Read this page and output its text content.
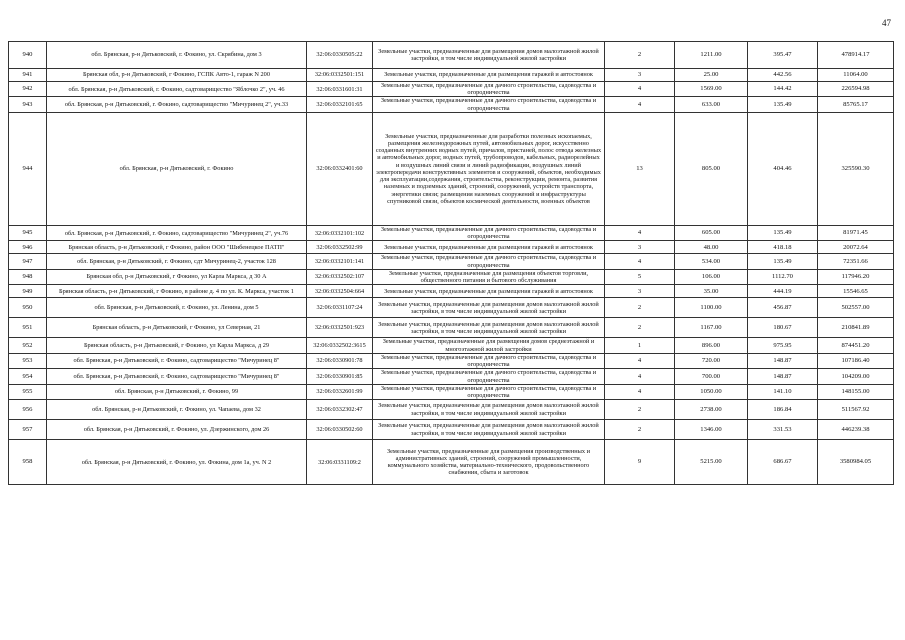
47
940	обл. Брянская, р-н Дятьковский, г. Фокино, ул. Скрябина, дом 3	32:06:0330505:22	Земельные участки, предназначенные для размещения домов малоэтажной жилой застройки, в том числе индивидуальной жилой застройки	2	1211.00	395.47	478914.17
941	Брянская обл, р-н Дятьковский, г Фокино, ГСПК Авто-1, гараж N 200	32:06:0332501:151	Земельные участки, предназначенные для размещения гаражей и автостоянок	3	25.00	442.56	11064.00
942	обл. Брянская, р-н Дятьковский, г. Фокино, садтоварищество "Яблочко 2", уч. 46	32:06:0331601:31	Земельные участки, предназначенные для дачного строительства, садоводства и огородничества	4	1569.00	144.42	226594.98
943	обл. Брянская, р-н Дятьковский, г. Фокино, садтоварищество "Мичуринец 2", уч.33	32:06:0332101:65	Земельные участки, предназначенные для дачного строительства, садоводства и огородничества	4	633.00	135.49	85765.17
944	обл. Брянская, р-н Дятьковский, г. Фокино	32:06:0332401:60	Земельные участки, предназначенные для разработки полезных ископаемых, размещения железнодорожных путей, автомобильных дорог, искусственно созданных внутренних водных путей, причалов, пристаней, полос отвода железных и автомобильных дорог, водных путей, трубопроводов, кабельных, радиорелейных и воздушных линий связи и линий радиофикации, воздушных линий электропередачи конструктивных элементов и сооружений, объектов, необходимых для эксплуатации,содержания, строительства, реконструкции, ремонта, развития наземных и подземных зданий, строений, сооружений, устройств транспорта, энергетики связи; размещения наземных сооружений и инфраструктуры спутниковой связи, объектов космической деятельности, военных объектов	13	805.00	404.46	325590.30
945	обл. Брянская, р-н Дятьковский, г. Фокино, садтоварищество "Мичуринец 2", уч.76	32:06:0332101:102	Земельные участки, предназначенные для дачного строительства, садоводства и огородничества	4	605.00	135.49	81971.45
946	Брянская область, р-н Дятьковский, г Фокино, район ООО "Шибенецкое ПАТП"	32:06:0332502:99	Земельные участки, предназначенные для размещения гаражей и автостоянок	3	48.00	418.18	20072.64
947	обл. Брянская, р-н Дятьковский, г. Фокино, сдт Мичуринец-2, участок 128	32:06:0332101:141	Земельные участки, предназначенные для дачного строительства, садоводства и огородничества	4	534.00	135.49	72351.66
948	Брянская обл, р-н Дятьковский, г Фокино, ул Карла Маркса, д 30 А	32:06:0332502:107	Земельные участки, предназначенные для размещения объектов торговли, общественного питания и бытового обслуживания	5	106.00	1112.70	117946.20
949	Брянская область, р-н Дятьковский, г Фокино, в районе д. 4 по ул. К. Маркса, участок 1	32:06:0332504:664	Земельные участки, предназначенные для размещения гаражей и автостоянок	3	35.00	444.19	15546.65
950	обл. Брянская, р-н Дятьковский, г. Фокино, ул. Ленина, дом 5	32:06:0331107:24	Земельные участки, предназначенные для размещения домов малоэтажной жилой застройки, в том числе индивидуальной жилой застройки	2	1100.00	456.87	502557.00
951	Брянская область, р-н Дятьковский, г Фокино, ул Северная, 21	32:06:0332501:923	Земельные участки, предназначенные для размещения домов малоэтажной жилой застройки, в том числе индивидуальной жилой застройки	2	1167.00	180.67	210841.89
952	Брянская область, р-н Дятьковский, г Фокино, ул Карла Маркса, д 29	32:06:0332502:3615	Земельные участки, предназначенные для размещения домов среднеэтажной и многоэтажной жилой застройки	1	896.00	975.95	874451.20
953	обл. Брянская, р-н Дятьковский, г. Фокино, садтоварищество "Мичуринец 8"	32:06:0330901:78	Земельные участки, предназначенные для дачного строительства, садоводства и огородничества	4	720.00	148.87	107186.40
954	обл. Брянская, р-н Дятьковский, г. Фокино, садтоварищество "Мичуринец 8"	32:06:0330901:85	Земельные участки, предназначенные для дачного строительства, садоводства и огородничества	4	700.00	148.87	104209.00
955	обл. Брянская, р-н Дятьковский, г. Фокино, 99	32:06:0332601:99	Земельные участки, предназначенные для дачного строительства, садоводства и огородничества	4	1050.00	141.10	148155.00
956	обл. Брянская, р-н Дятьковский, г. Фокино, ул. Чапаева, дом 32	32:06:0332302:47	Земельные участки, предназначенные для размещения домов малоэтажной жилой застройки, в том числе индивидуальной жилой застройки	2	2738.00	186.84	511567.92
957	обл. Брянская, р-н Дятьковский, г. Фокино, ул. Дзержинского, дом 26	32:06:0330502:60	Земельные участки, предназначенные для размещения домов малоэтажной жилой застройки, в том числе индивидуальной жилой застройки	2	1346.00	331.53	446239.38
958	обл. Брянская, р-н Дятьковский, г. Фокино, ул. Фокина, дом 1а, уч. N 2	32:06:0331109:2	Земельные участки, предназначенные для размещения производственных и административных зданий, строений, сооружений промышленности, коммунального хозяйства, материально-технического, продовольственного снабжения, сбыта и заготовок	9	5215.00	686.67	3580984.05
